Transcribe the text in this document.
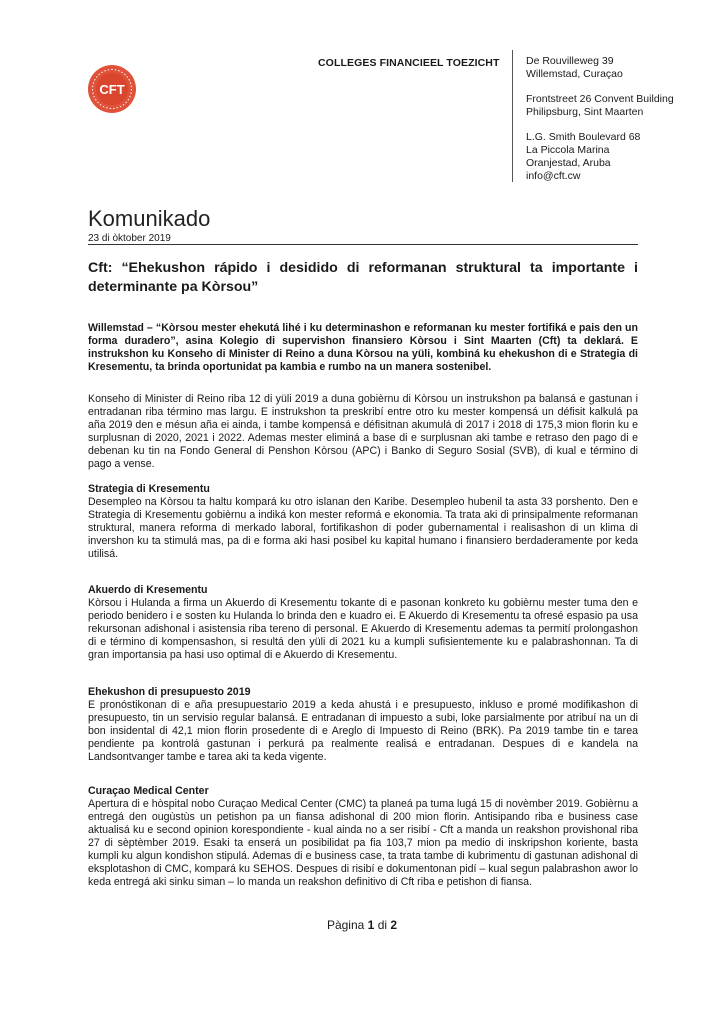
CFT
COLLEGES FINANCIEEL TOEZICHT	De Rouvilleweg 39
Willemstad, Curaçao
Frontstreet 26 Convent Building
Philipsburg, Sint Maarten
L.G. Smith Boulevard 68
La Piccola Marina
Oranjestad, Aruba
info@cft.cw
Komunikado
23 di òktober 2019
Cft: “Ehekushon rápido i desidido di reformanan struktural ta importante i determinante pa Kòrsou”
Willemstad – “Kòrsou mester ehekutá lihé i ku determinashon e reformanan ku mester fortifiká e pais den un forma duradero”, asina Kolegio di supervishon finansiero Kòrsou i Sint Maarten (Cft) ta deklará. E instrukshon ku Konseho di Minister di Reino a duna Kòrsou na yüli, kombiná ku ehekushon di e Strategia di Kresementu, ta brinda oportunidat pa kambia e rumbo na un manera sostenibel.
Konseho di Minister di Reino riba 12 di yüli 2019 a duna gobièrnu di Kòrsou un instrukshon pa balansá e gastunan i entradanan riba término mas largu. E instrukshon ta preskribí entre otro ku mester kompensá un défisit kalkulá pa aña 2019 den e mésun aña ei ainda, i tambe kompensá e défisitnan akumulá di 2017 i 2018 di 175,3 mion florin ku e surplusnan di 2020, 2021 i 2022. Ademas mester eliminá a base di e surplusnan aki tambe e retraso den pago di e debenan ku tin na Fondo General di Penshon Kòrsou (APC) i Banko di Seguro Sosial (SVB), di kual e término di pago a vense.
Strategia di Kresementu

Desempleo na Kòrsou ta haltu kompará ku otro islanan den Karibe. Desempleo hubenil ta asta 33 porshento. Den e Strategia di Kresementu gobièrnu a indiká kon mester reformá e ekonomia. Ta trata aki di prinsipalmente reformanan struktural, manera reforma di merkado laboral, fortifikashon di poder gubernamental i realisashon di un klima di invershon ku ta stimulá mas, pa di e forma aki hasi posibel ku kapital humano i finansiero berdaderamente por keda utilisá.

Akuerdo di Kresementu

Kòrsou i Hulanda a firma un Akuerdo di Kresementu tokante di e pasonan konkreto ku gobièrnu mester tuma den e periodo benidero i e sosten ku Hulanda lo brinda den e kuadro ei. E Akuerdo di Kresementu ta ofresé espasio pa usa rekursonan adishonal i asistensia riba tereno di personal. E Akuerdo di Kresementu ademas ta permití prolongashon di e término di kompensashon, si resultá den yüli di 2021 ku a kumpli sufisientemente ku e palabrashonnan. Ta di gran importansia pa hasi uso optimal di e Akuerdo di Kresementu.

Ehekushon di presupuesto 2019

E pronóstikonan di e aña presupuestario 2019 a keda ahustá i e presupuesto, inkluso e promé modifikashon di presupuesto, tin un servisio regular balansá. E entradanan di impuesto a subi, loke parsialmente por atribuí na un di bon insidental di 42,1 mion florin prosedente di e Areglo di Impuesto di Reino (BRK). Pa 2019 tambe tin e tarea pendiente pa kontrolá gastunan i perkurá pa realmente realisá e entradanan. Despues di e kandela na Landsontvanger tambe e tarea aki ta keda vigente.

Curaçao Medical Center

Apertura di e hòspital nobo Curaçao Medical Center (CMC) ta planeá pa tuma lugá 15 di novèmber 2019. Gobièrnu a entregá den ougùstùs un petishon pa un fiansa adishonal di 200 mion florin. Antisipando riba e business case aktualisá ku e second opinion korespondiente - kual ainda no a ser risibí - Cft a manda un reakshon provishonal riba 27 di sèptèmber 2019. Esaki ta enserá un posibilidat pa fia 103,7 mion pa medio di inskripshon koriente, basta kumpli ku algun kondishon stipulá. Ademas di e business case, ta trata tambe di kubrimentu di gastunan adishonal di eksplotashon di CMC, kompará ku SEHOS. Despues di risibí e dokumentonan pidí – kual segun palabrashon awor lo keda entregá aki sinku siman – lo manda un reakshon definitivo di Cft riba e petishon di fiansa.

Pàgina 1 di 2
